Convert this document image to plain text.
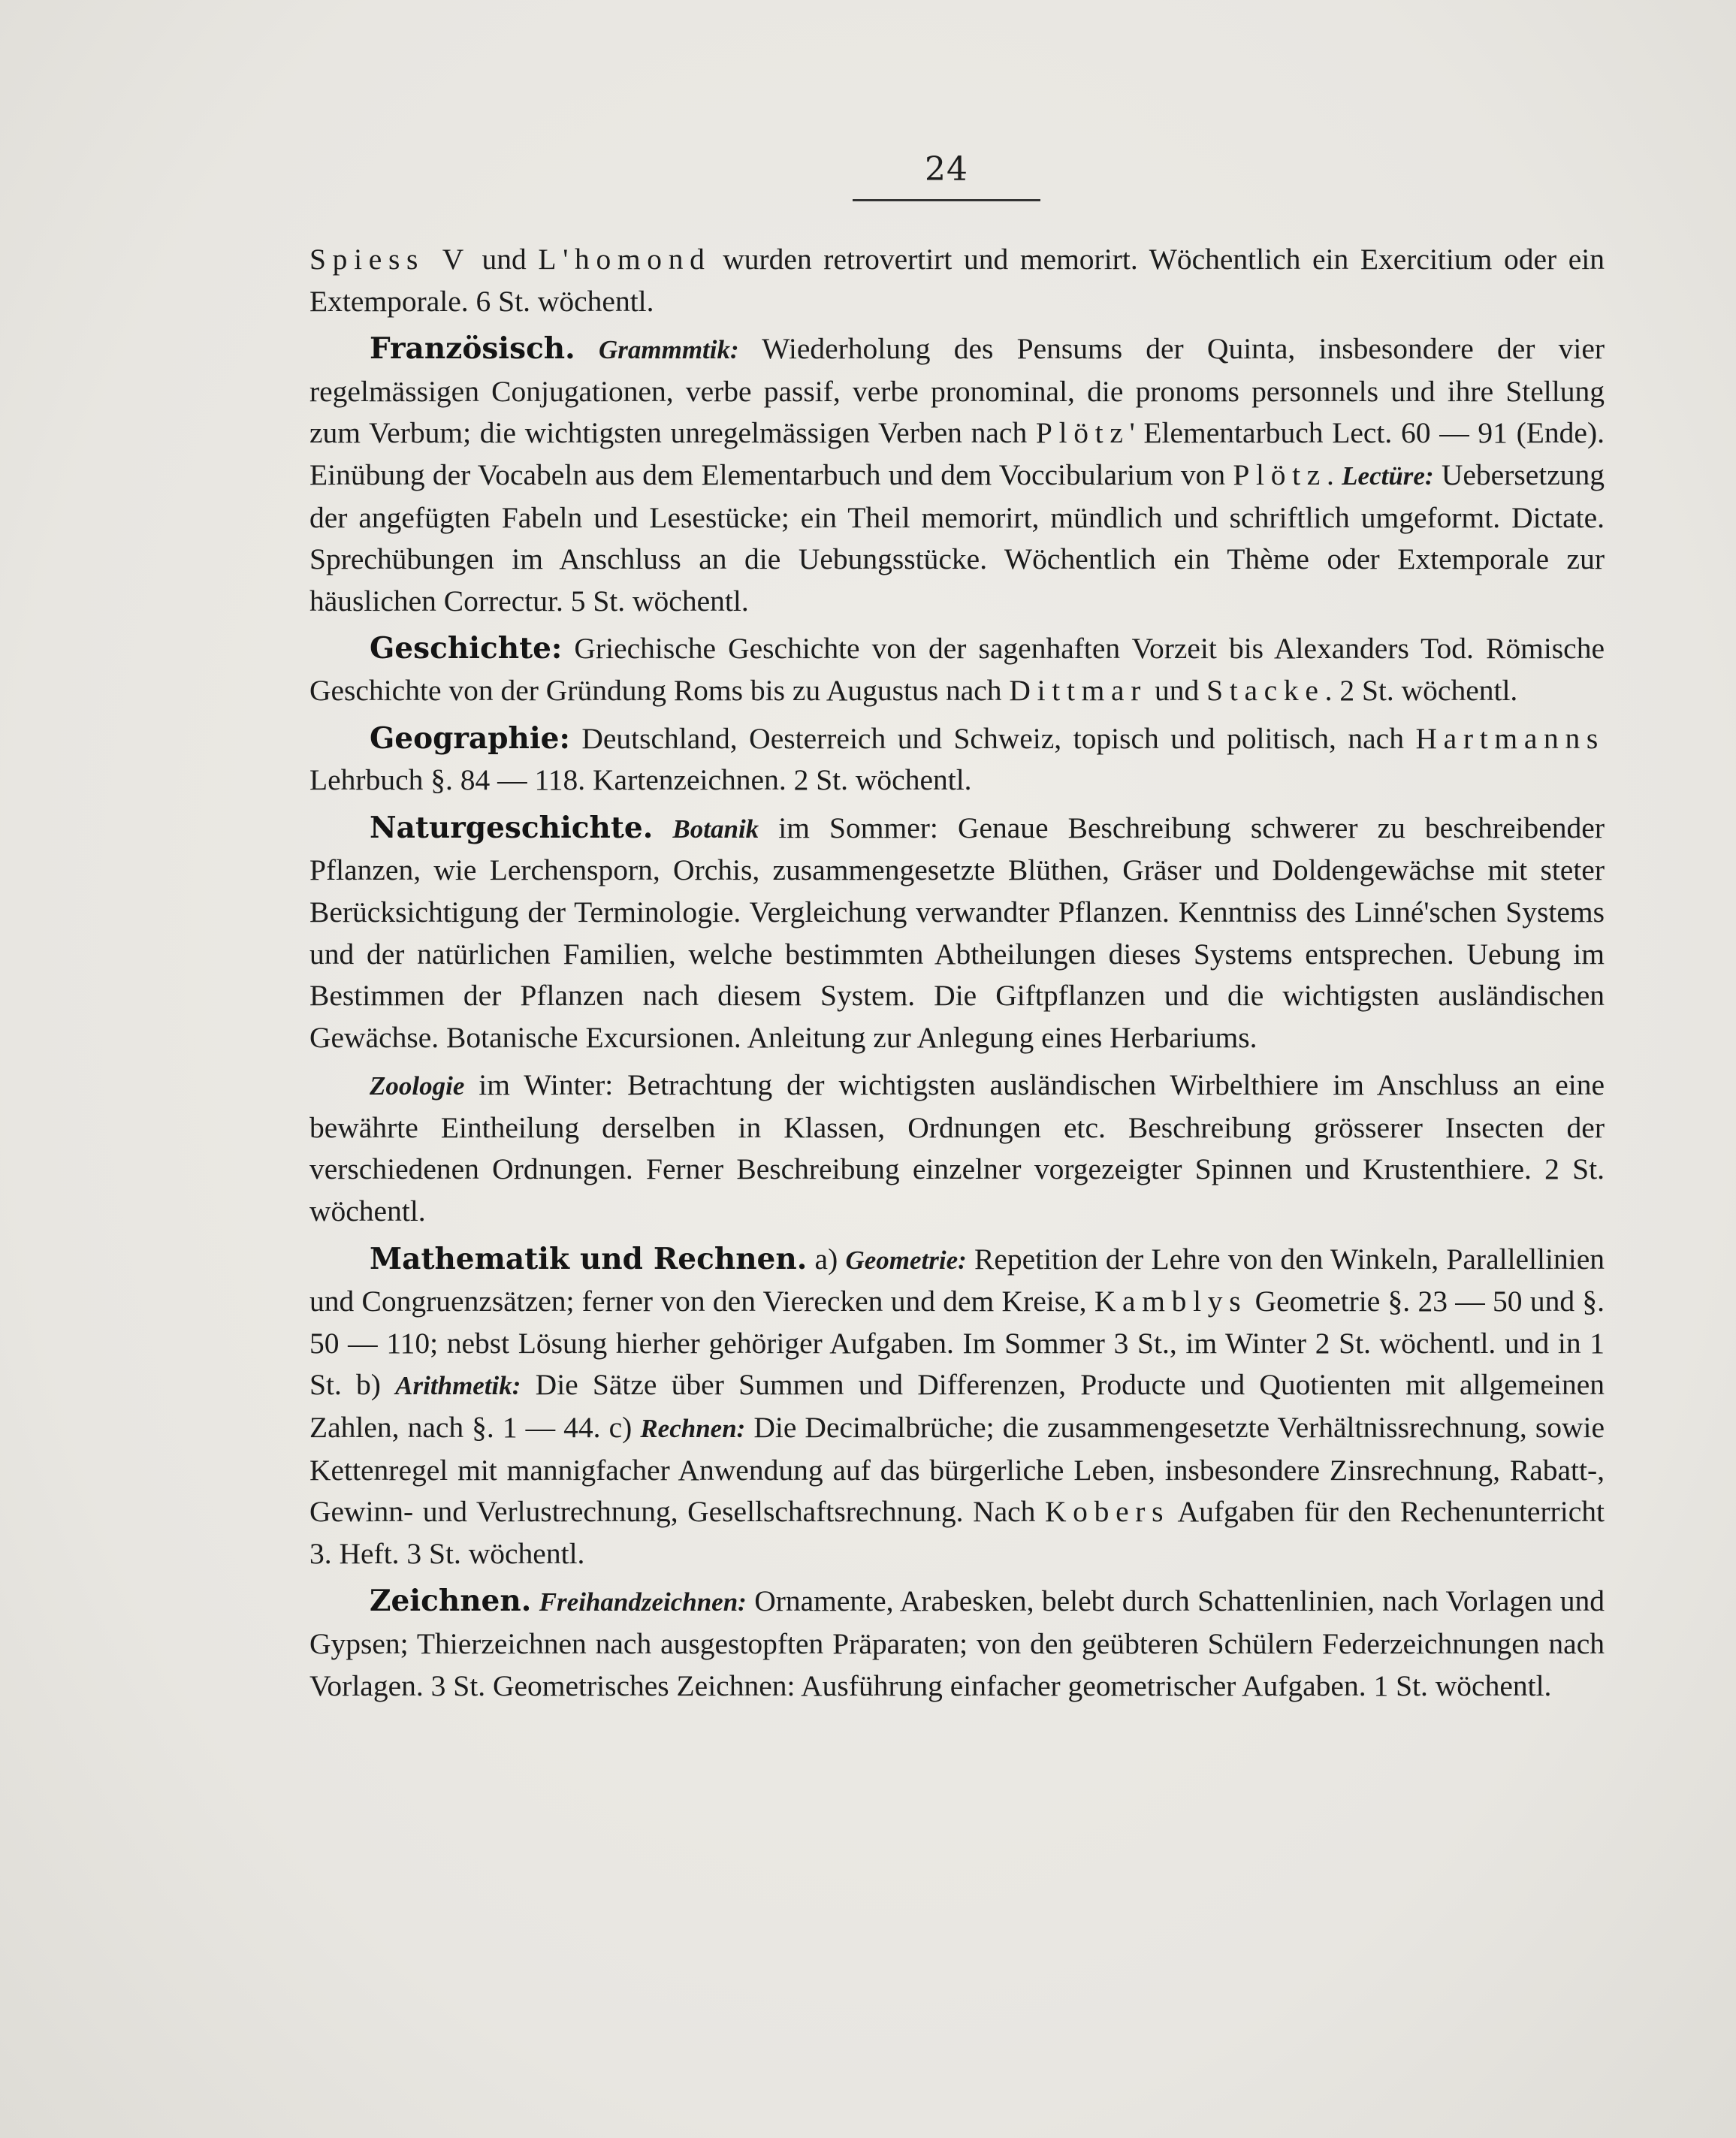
24

Spiess V und L'homond wurden retrovertirt und memorirt. Wöchentlich ein Exercitium oder ein Extemporale. 6 St. wöchentl.

Französisch. Grammmtik: Wiederholung des Pensums der Quinta, insbesondere der vier regelmässigen Conjugationen, verbe passif, verbe pronominal, die pronoms personnels und ihre Stellung zum Verbum; die wichtigsten unregelmässigen Verben nach Plötz' Elementarbuch Lect. 60 — 91 (Ende). Einübung der Vocabeln aus dem Elementarbuch und dem Voccibularium von Plötz. Lectüre: Uebersetzung der angefügten Fabeln und Lesestücke; ein Theil memorirt, mündlich und schriftlich umgeformt. Dictate. Sprechübungen im Anschluss an die Uebungsstücke. Wöchentlich ein Thème oder Extemporale zur häuslichen Correctur. 5 St. wöchentl.

Geschichte: Griechische Geschichte von der sagenhaften Vorzeit bis Alexanders Tod. Römische Geschichte von der Gründung Roms bis zu Augustus nach Dittmar und Stacke. 2 St. wöchentl.

Geographie: Deutschland, Oesterreich und Schweiz, topisch und politisch, nach Hartmanns Lehrbuch §. 84 — 118. Kartenzeichnen. 2 St. wöchentl.

Naturgeschichte. Botanik im Sommer: Genaue Beschreibung schwerer zu beschreibender Pflanzen, wie Lerchensporn, Orchis, zusammengesetzte Blüthen, Gräser und Doldengewächse mit steter Berücksichtigung der Terminologie. Vergleichung verwandter Pflanzen. Kenntniss des Linné'schen Systems und der natürlichen Familien, welche bestimmten Abtheilungen dieses Systems entsprechen. Uebung im Bestimmen der Pflanzen nach diesem System. Die Giftpflanzen und die wichtigsten ausländischen Gewächse. Botanische Excursionen. Anleitung zur Anlegung eines Herbariums.

Zoologie im Winter: Betrachtung der wichtigsten ausländischen Wirbelthiere im Anschluss an eine bewährte Eintheilung derselben in Klassen, Ordnungen etc. Beschreibung grösserer Insecten der verschiedenen Ordnungen. Ferner Beschreibung einzelner vorgezeigter Spinnen und Krustenthiere. 2 St. wöchentl.

Mathematik und Rechnen. a) Geometrie: Repetition der Lehre von den Winkeln, Parallellinien und Congruenzsätzen; ferner von den Vierecken und dem Kreise, Kamblys Geometrie §. 23 — 50 und §. 50 — 110; nebst Lösung hierher gehöriger Aufgaben. Im Sommer 3 St., im Winter 2 St. wöchentl. und in 1 St. b) Arithmetik: Die Sätze über Summen und Differenzen, Producte und Quotienten mit allgemeinen Zahlen, nach §. 1 — 44. c) Rechnen: Die Decimalbrüche; die zusammengesetzte Verhältnissrechnung, sowie Kettenregel mit mannigfacher Anwendung auf das bürgerliche Leben, insbesondere Zinsrechnung, Rabatt-, Gewinn- und Verlustrechnung, Gesellschaftsrechnung. Nach Kobers Aufgaben für den Rechenunterricht 3. Heft. 3 St. wöchentl.

Zeichnen. Freihandzeichnen: Ornamente, Arabesken, belebt durch Schattenlinien, nach Vorlagen und Gypsen; Thierzeichnen nach ausgestopften Präparaten; von den geübteren Schülern Federzeichnungen nach Vorlagen. 3 St. Geometrisches Zeichnen: Ausführung einfacher geometrischer Aufgaben. 1 St. wöchentl.
